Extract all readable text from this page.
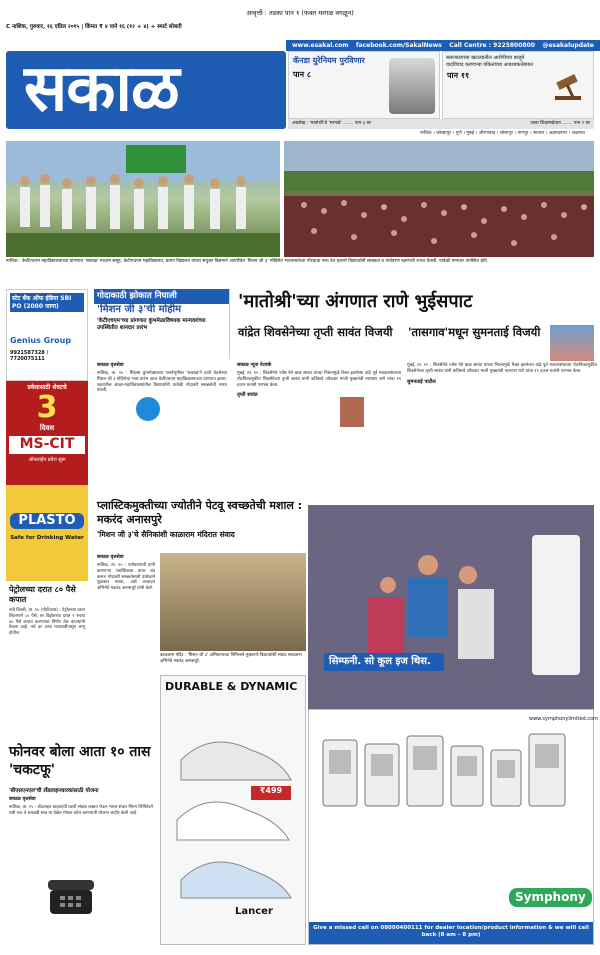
आवृत्ती : तडका पान १ (फक्त मरगळ वगळून)
C नाशिक, गुरुवार, १६ एप्रिल २०१५ | किंमत ₹ ४ पाने १६ (१२ + ४) + स्मार्ट सोबती
www.esakal.com facebook.com/SakalNews Call Centre : 9225800800 @esakalupdate
सकाळ	कॅनडा युरेनियम पुरविणार
पान ८
बलात्काराच्या खटल्यातील आरोपीच्या बाजूने वादविवाद करणाऱ्या वकिलांच्या आवश्यकतेबाबत
पान ११
अग्रलेख : 'मातोश्री'चे 'मरगळे' ....... पान ६ वर	जावा शिक्षणक्षेत्रात ....... पान २ वर
नाशिक । कोल्हापूर । पुणे । मुंबई । औरंगाबाद । सोलापूर । नागपूर । सातारा । अहमदनगर । जळगाव
नाशिक : केटीएचएम महाविद्यालयाच्या प्रांगणात 'सकाळ' माध्यम समूह, केटीएचएम महाविद्यालय, प्रताप विद्यालय यांच्या संयुक्त विद्यमाने आयोजित 'मिशन जी ३' मोहिमेत भारतमातेच्या गौरवाचा नारा देत हजारो विद्यार्थ्यांनी स्वच्छता व पर्यावरण रक्षणाची शपथ घेतली. यावेळी मान्यवर उपस्थित होते.
स्टेट बँक ऑफ इंडिया SBI PO (2000 जागा)
Genius Group
9921587328 / 7720075111
प्रवेशासाठी शेवटचे
3
दिवस
MS-CIT
ऑनलाईन प्रवेश सुरू
PLASTO
Safe for Drinking Water
गोदाकाठी झोकात निघाली
'मिशन जी ३'ची मोहीम
'केटीएचएम'च्या प्रांगणात कुंभमेळाविषयक मान्यवरांच्या उपस्थितीत शानदार प्रारंभ
सकाळ वृत्तसेवा
नाशिक, ता. १५ : सिंहस्थ कुंभमेळ्याच्या पार्श्वभूमीवर 'सकाळ'ने हाती घेतलेल्या मिशन जी ३ मोहिमेचा भव्य प्रारंभ आज केटीएचएम महाविद्यालयाच्या प्रांगणात झाला. शहरातील शाळा-महाविद्यालयांतील विद्यार्थ्यांनी यावेळी गोदावरी स्वच्छतेची शपथ घेतली.
'मातोश्री'च्या अंगणात राणे भुईसपाट
वांद्रेत शिवसेनेच्या तृप्ती सावंत विजयी	'तासगाव'मधून सुमनताई विजयी
सकाळ न्यूज नेटवर्क
मुंबई, ता. १५ : शिवसेनेचे ज्येष्ठ नेते बाळ सावंत यांच्या निधनामुळे रिक्त झालेल्या वांद्रे पूर्व मतदारसंघाच्या पोटनिवडणुकीत शिवसेनेच्या तृप्ती सावंत यांनी काँग्रेसचे उमेदवार माजी मुख्यमंत्री नारायण राणे यांचा १९ हजार मतांनी पराभव केला.
तृप्ती सावंत
मुंबई, ता. १५ : शिवसेनेचे ज्येष्ठ नेते बाळ सावंत यांच्या निधनामुळे रिक्त झालेल्या वांद्रे पूर्व मतदारसंघाच्या पोटनिवडणुकीत शिवसेनेच्या तृप्ती सावंत यांनी काँग्रेसचे उमेदवार माजी मुख्यमंत्री नारायण राणे यांचा १९ हजार मतांनी पराभव केला.
सुमनताई पाटील
प्लास्टिकमुक्तीच्या ज्योतीने पेटवू स्वच्छतेची मशाल : मकरंद अनासपुरे
'मिशन जी ३'चे सैनिकांशी काळाराम मंदिरात संवाद
सकाळ वृत्तसेवा
नाशिक, ता. १५ : पर्यावरणाची हानी करणाऱ्या प्लास्टिकचा वापर बंद करून गोदावरी स्वच्छतेसाठी प्रत्येकाने पुढाकार घ्यावा, असे आवाहन अभिनेते मकरंद अनासपुरे यांनी केले.
काळाराम मंदिर : 'मिशन जी ३' अभियानाच्या निमित्ताने मुक्तपणे विद्यार्थ्यांशी संवाद साधताना अभिनेते मकरंद अनासपुरे.
पेट्रोलच्या दरात ८० पैसे कपात
नवी दिल्ली, ता. १५ (पीटीआय) : पेट्रोलच्या दरात लिटरमागे ८० पैसे, तर डिझेलच्या दरात १ रुपया ३० पैसे कपात करण्याचा निर्णय तेल कंपन्यांनी घेतला आहे. नवे दर आज मध्यरात्रीपासून लागू होतील.
फोनवर बोला आता १० तास 'चकटफू'
'बीएसएनएल'ची लँडलाइनधारकांसाठी योजना
सकाळ वृत्तसेवा
नाशिक, ता. १५ : लँडलाइन ग्राहकांची घटती संख्या लक्षात घेऊन भारत संचार निगम लिमिटेडने रात्री नऊ ते सकाळी सात या वेळेत मोफत कॉल करण्याची योजना जाहीर केली आहे.
DURABLE & DYNAMIC
₹499
Lancer
सिम्फनी. सो कूल इज थिस.
www.symphonylimited.com
Symphony
Give a missed call on 08000400111 for dealer location/product information & we will call back (8 am – 8 pm)
